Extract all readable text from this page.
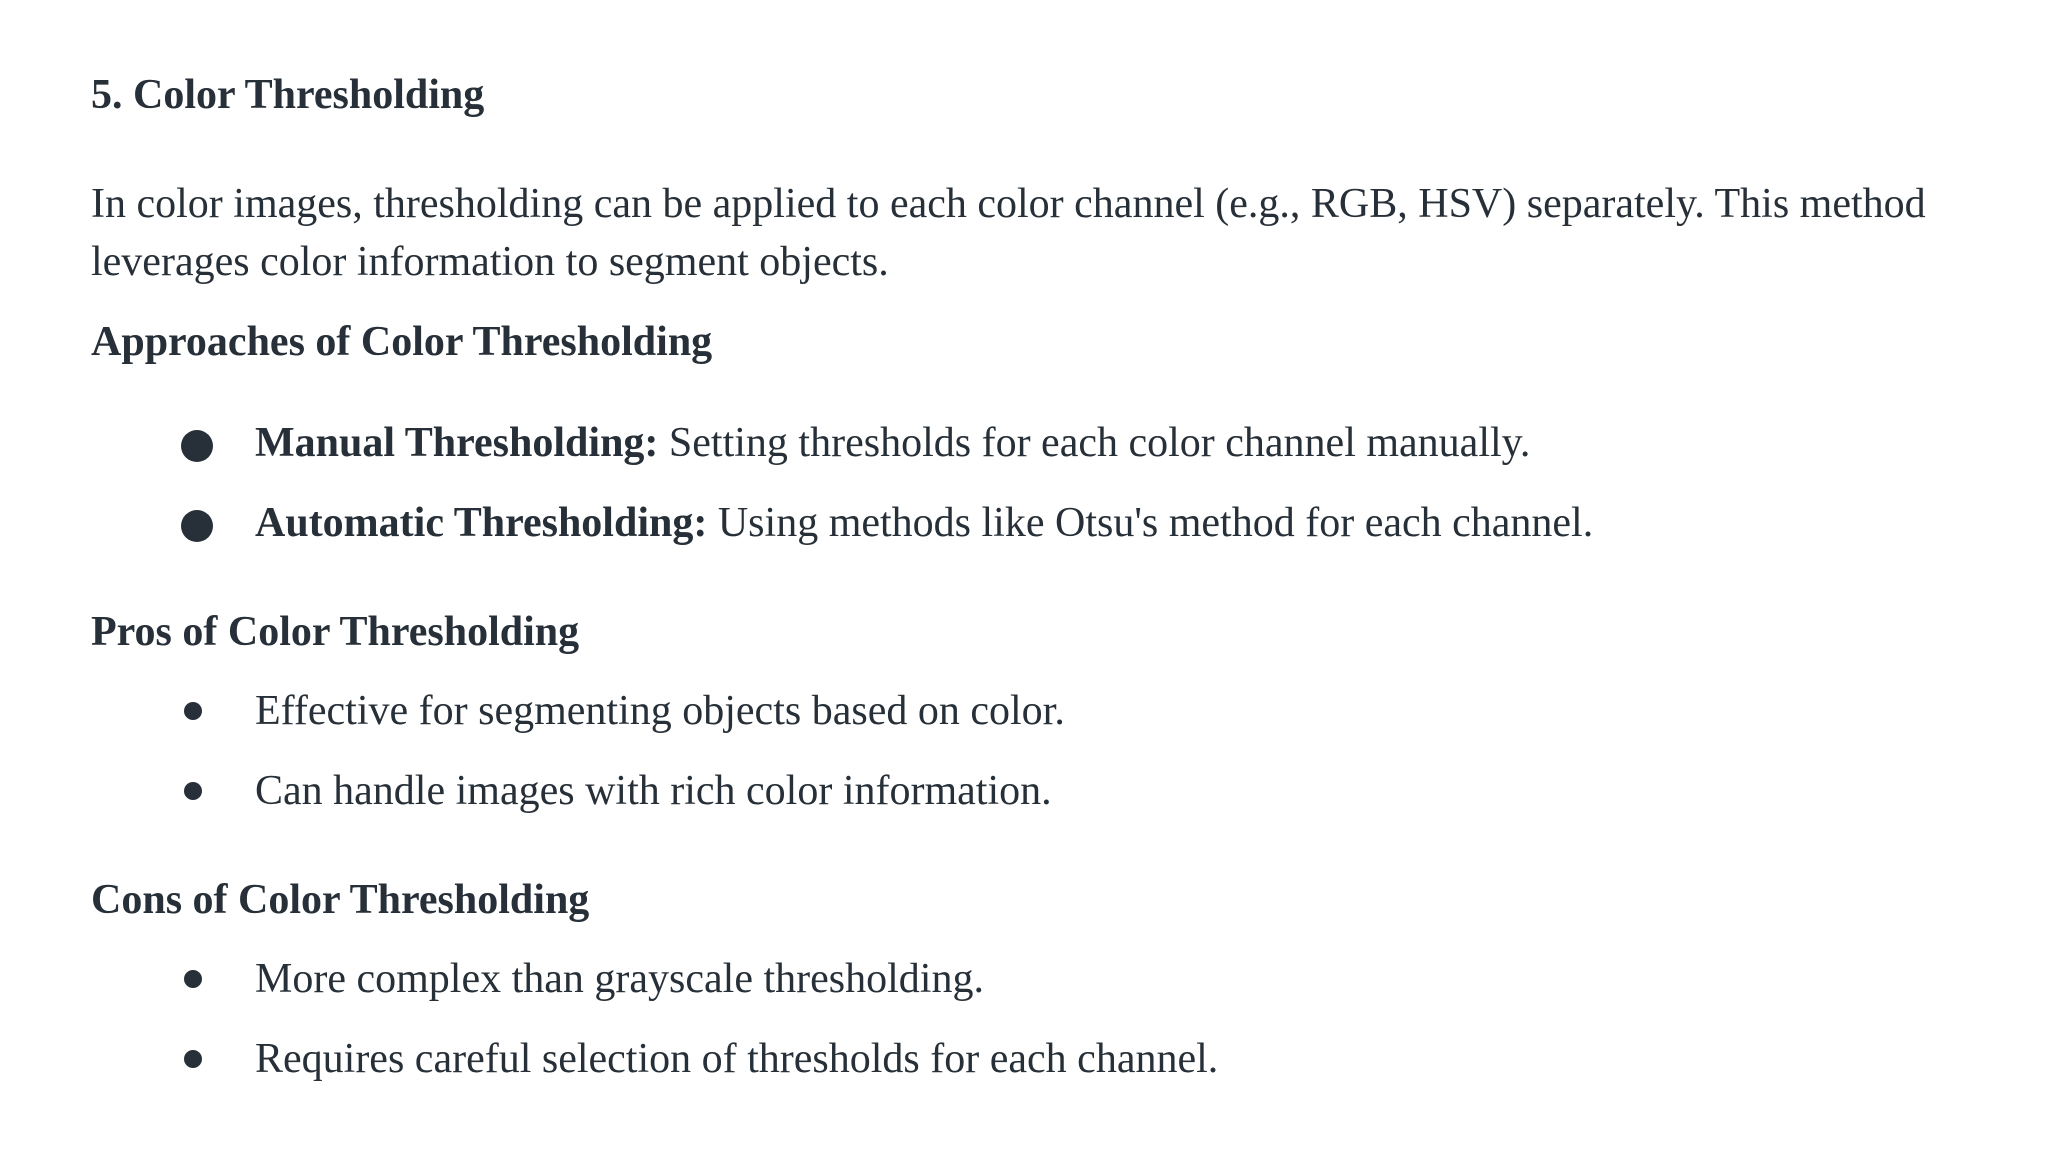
5. Color Thresholding

In color images, thresholding can be applied to each color channel (e.g., RGB, HSV) separately. This method leverages color information to segment objects.

Approaches of Color Thresholding

Manual Thresholding: Setting thresholds for each color channel manually.

Automatic Thresholding: Using methods like Otsu's method for each channel.

Pros of Color Thresholding

Effective for segmenting objects based on color.

Can handle images with rich color information.

Cons of Color Thresholding

More complex than grayscale thresholding.

Requires careful selection of thresholds for each channel.
